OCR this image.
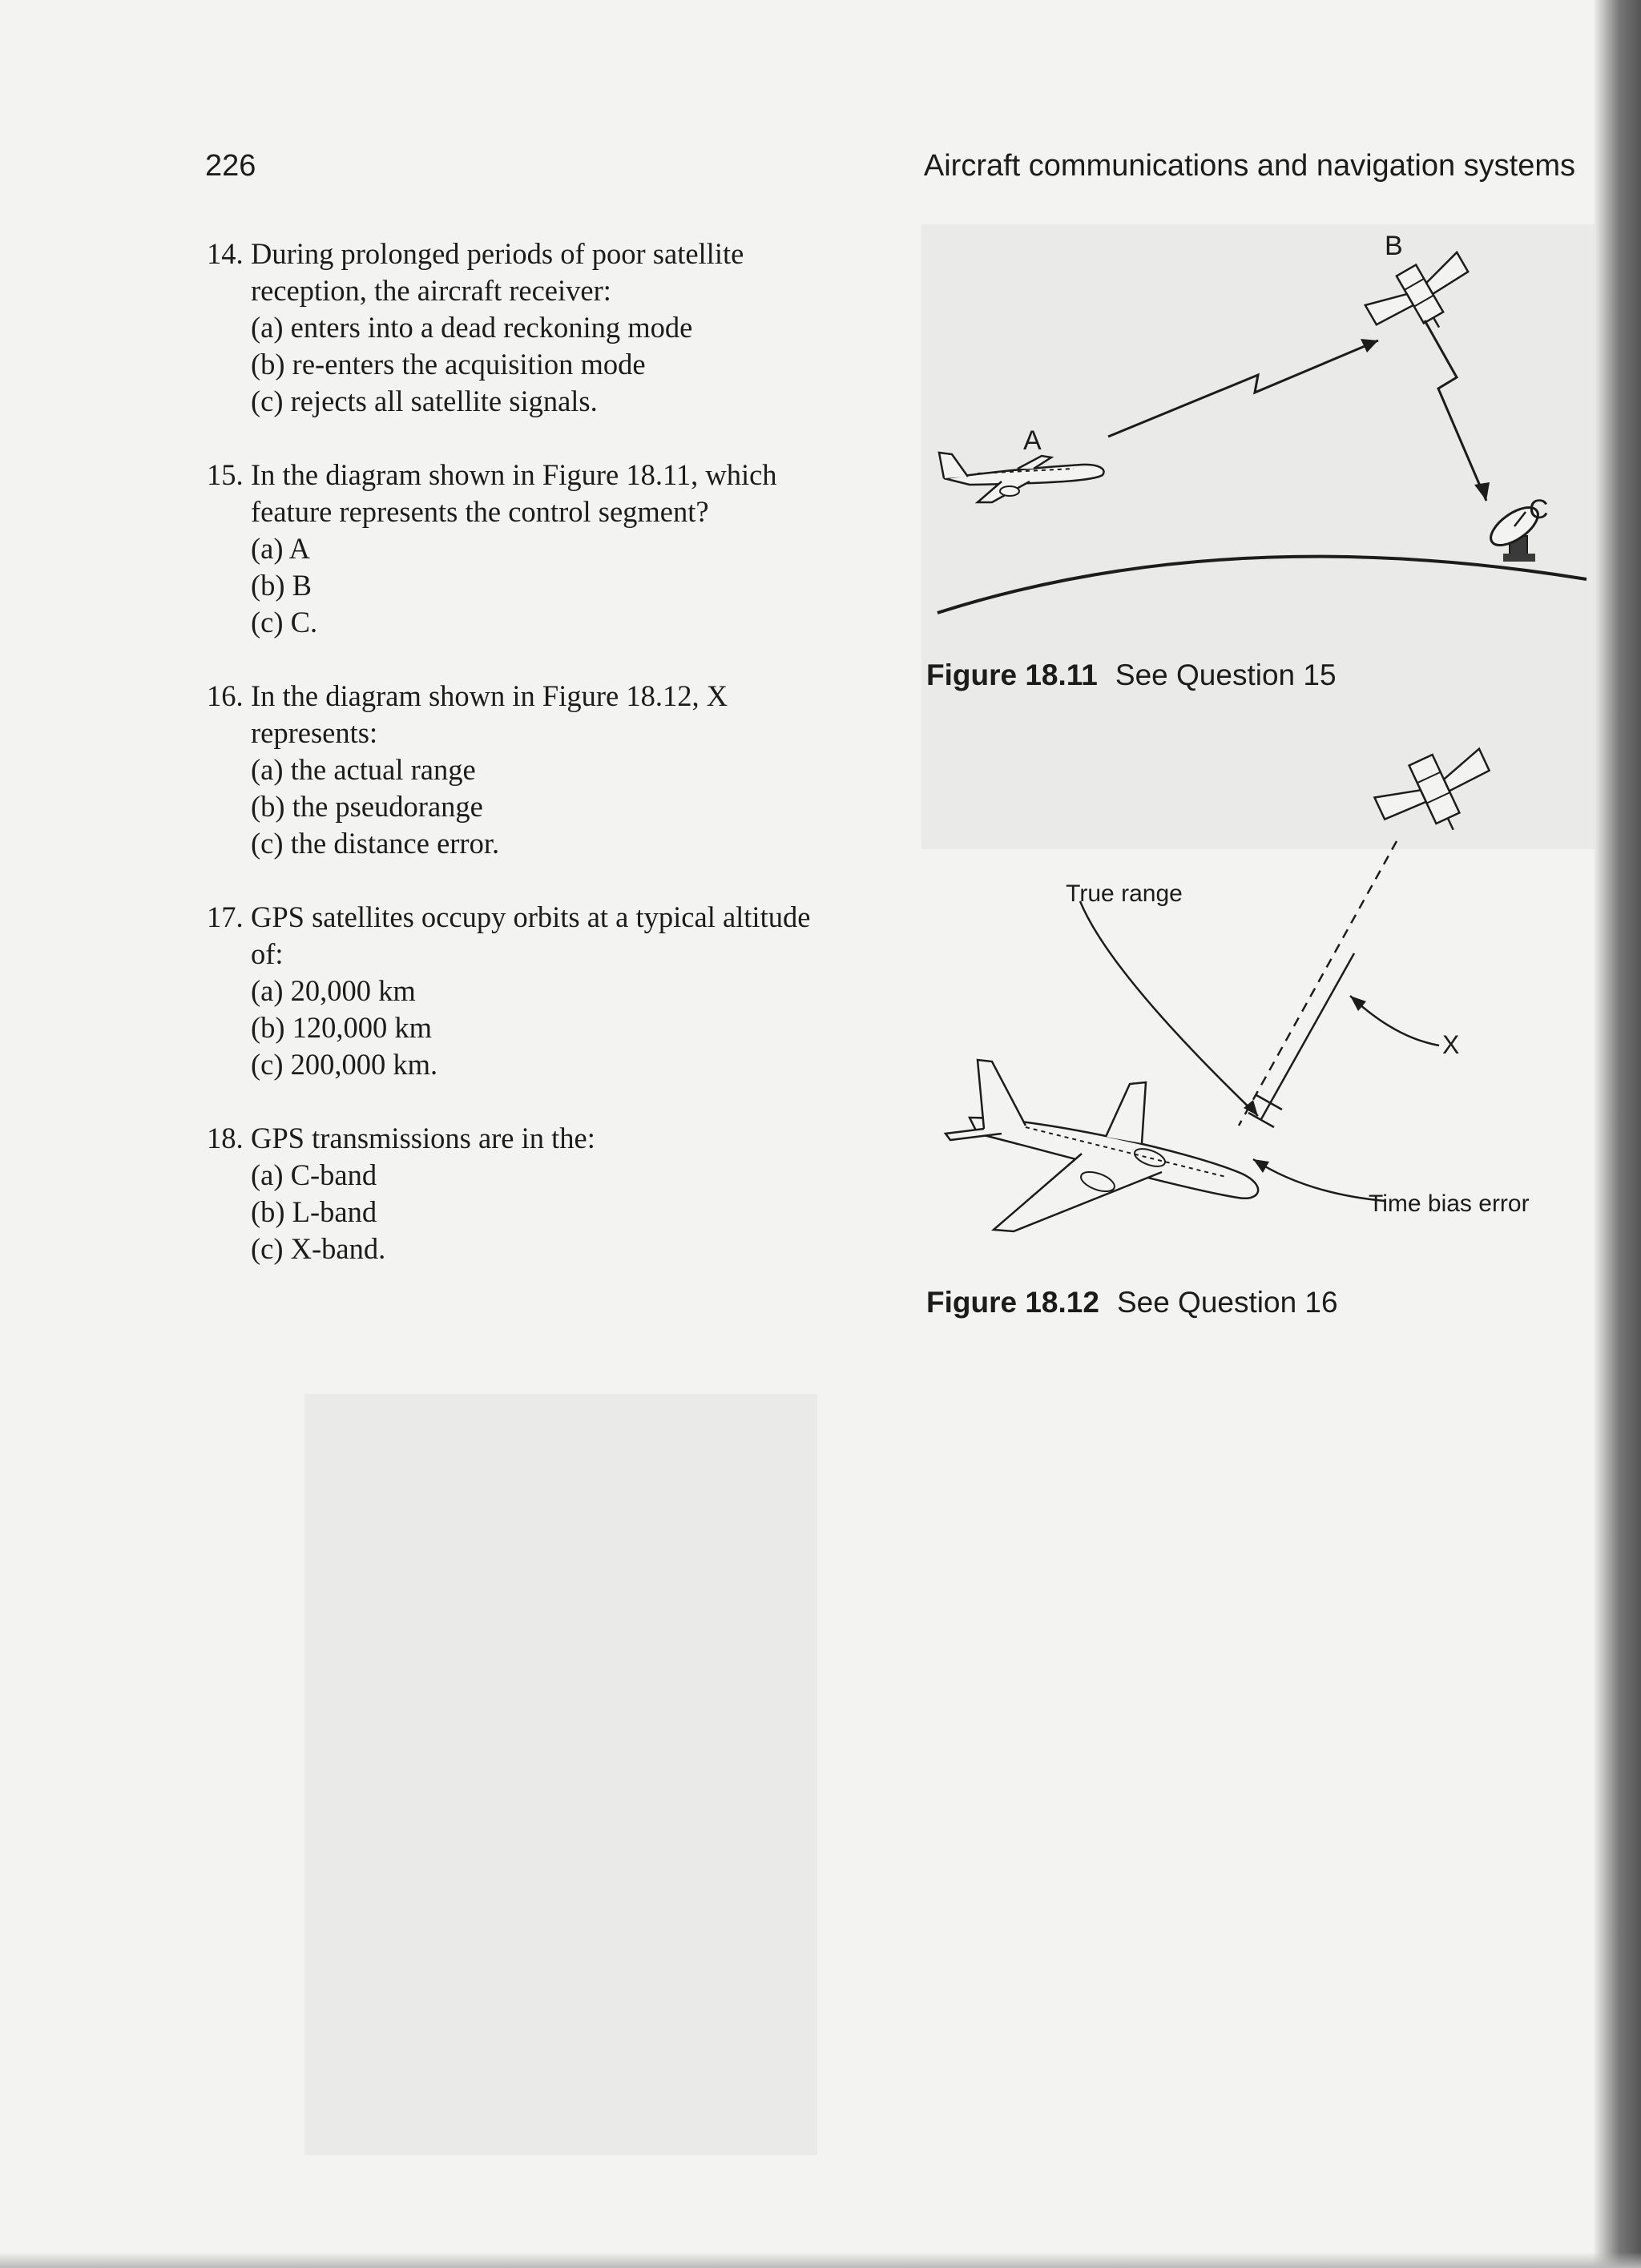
226	Aircraft communications and navigation systems
14. During prolonged periods of poor satellite reception, the aircraft receiver:
(a) enters into a dead reckoning mode
(b) re-enters the acquisition mode
(c) rejects all satellite signals.
15. In the diagram shown in Figure 18.11, which feature represents the control segment?
(a) A
(b) B
(c) C.
16. In the diagram shown in Figure 18.12, X represents:
(a) the actual range
(b) the pseudorange
(c) the distance error.
17. GPS satellites occupy orbits at a typical altitude of:
(a) 20,000 km
(b) 120,000 km
(c) 200,000 km.
18. GPS transmissions are in the:
(a) C-band
(b) L-band
(c) X-band.
A
B
C
Figure 18.11 See Question 15
True range
X
Time bias error
Figure 18.12 See Question 16
